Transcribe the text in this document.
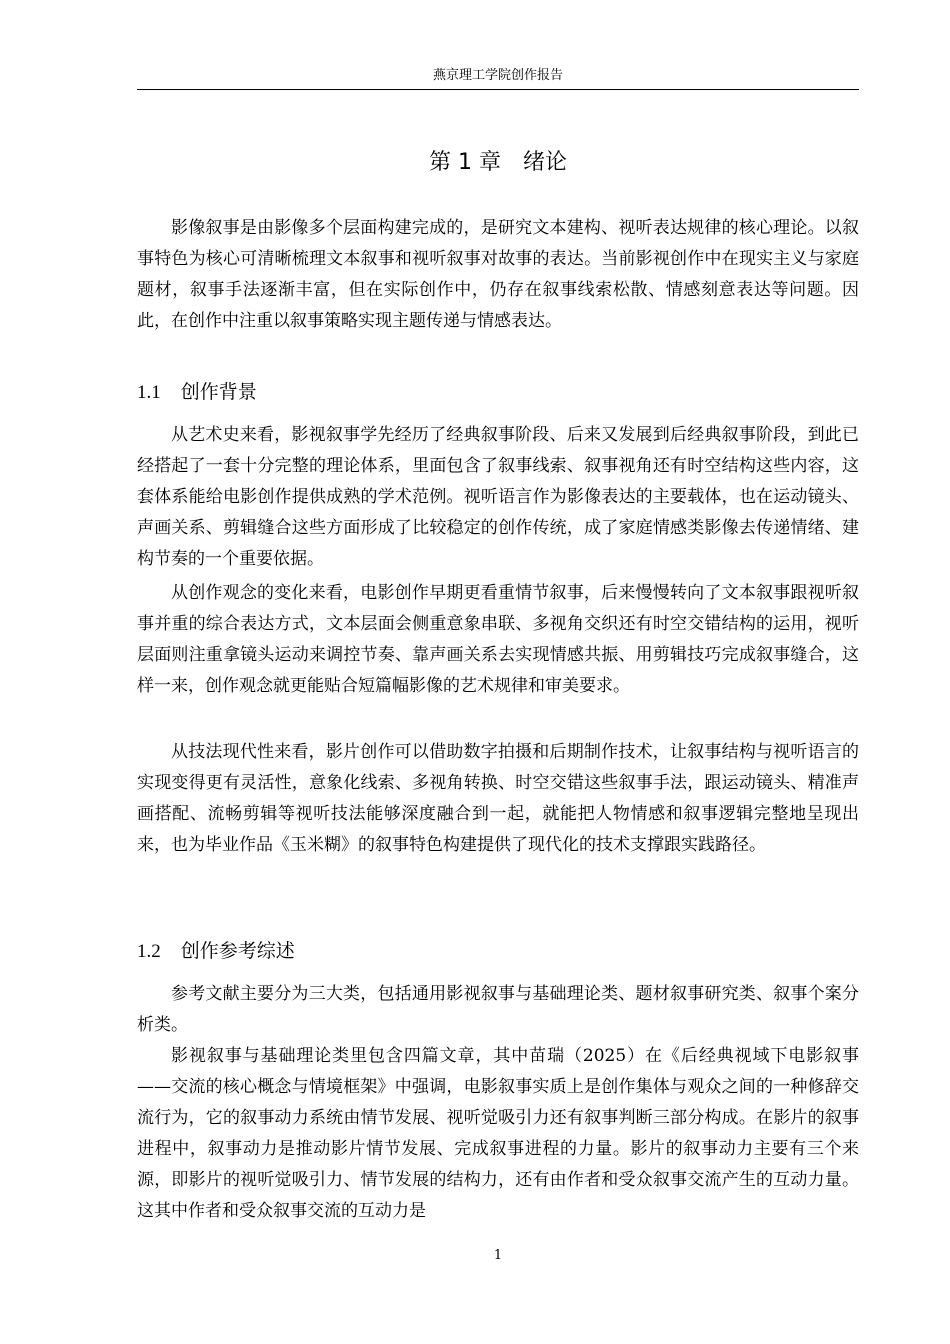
燕京理工学院创作报告
第 1 章 绪论

影像叙事是由影像多个层面构建完成的，是研究文本建构、视听表达规律的核心理论。以叙事特色为核心可清晰梳理文本叙事和视听叙事对故事的表达。当前影视创作中在现实主义与家庭题材，叙事手法逐渐丰富，但在实际创作中，仍存在叙事线索松散、情感刻意表达等问题。因此，在创作中注重以叙事策略实现主题传递与情感表达。

1.1 创作背景

从艺术史来看，影视叙事学先经历了经典叙事阶段、后来又发展到后经典叙事阶段，到此已经搭起了一套十分完整的理论体系，里面包含了叙事线索、叙事视角还有时空结构这些内容，这套体系能给电影创作提供成熟的学术范例。视听语言作为影像表达的主要载体，也在运动镜头、声画关系、剪辑缝合这些方面形成了比较稳定的创作传统，成了家庭情感类影像去传递情绪、建构节奏的一个重要依据。

从创作观念的变化来看，电影创作早期更看重情节叙事，后来慢慢转向了文本叙事跟视听叙事并重的综合表达方式，文本层面会侧重意象串联、多视角交织还有时空交错结构的运用，视听层面则注重拿镜头运动来调控节奏、靠声画关系去实现情感共振、用剪辑技巧完成叙事缝合，这样一来，创作观念就更能贴合短篇幅影像的艺术规律和审美要求。

从技法现代性来看，影片创作可以借助数字拍摄和后期制作技术，让叙事结构与视听语言的实现变得更有灵活性，意象化线索、多视角转换、时空交错这些叙事手法，跟运动镜头、精准声画搭配、流畅剪辑等视听技法能够深度融合到一起，就能把人物情感和叙事逻辑完整地呈现出来，也为毕业作品《玉米糊》的叙事特色构建提供了现代化的技术支撑跟实践路径。

1.2 创作参考综述

参考文献主要分为三大类，包括通用影视叙事与基础理论类、题材叙事研究类、叙事个案分析类。

影视叙事与基础理论类里包含四篇文章，其中苗瑞（2025）在《后经典视域下电影叙事——交流的核心概念与情境框架》中强调，电影叙事实质上是创作集体与观众之间的一种修辞交流行为，它的叙事动力系统由情节发展、视听觉吸引力还有叙事判断三部分构成。在影片的叙事进程中，叙事动力是推动影片情节发展、完成叙事进程的力量。影片的叙事动力主要有三个来源，即影片的视听觉吸引力、情节发展的结构力，还有由作者和受众叙事交流产生的互动力量。这其中作者和受众叙事交流的互动力是

1
